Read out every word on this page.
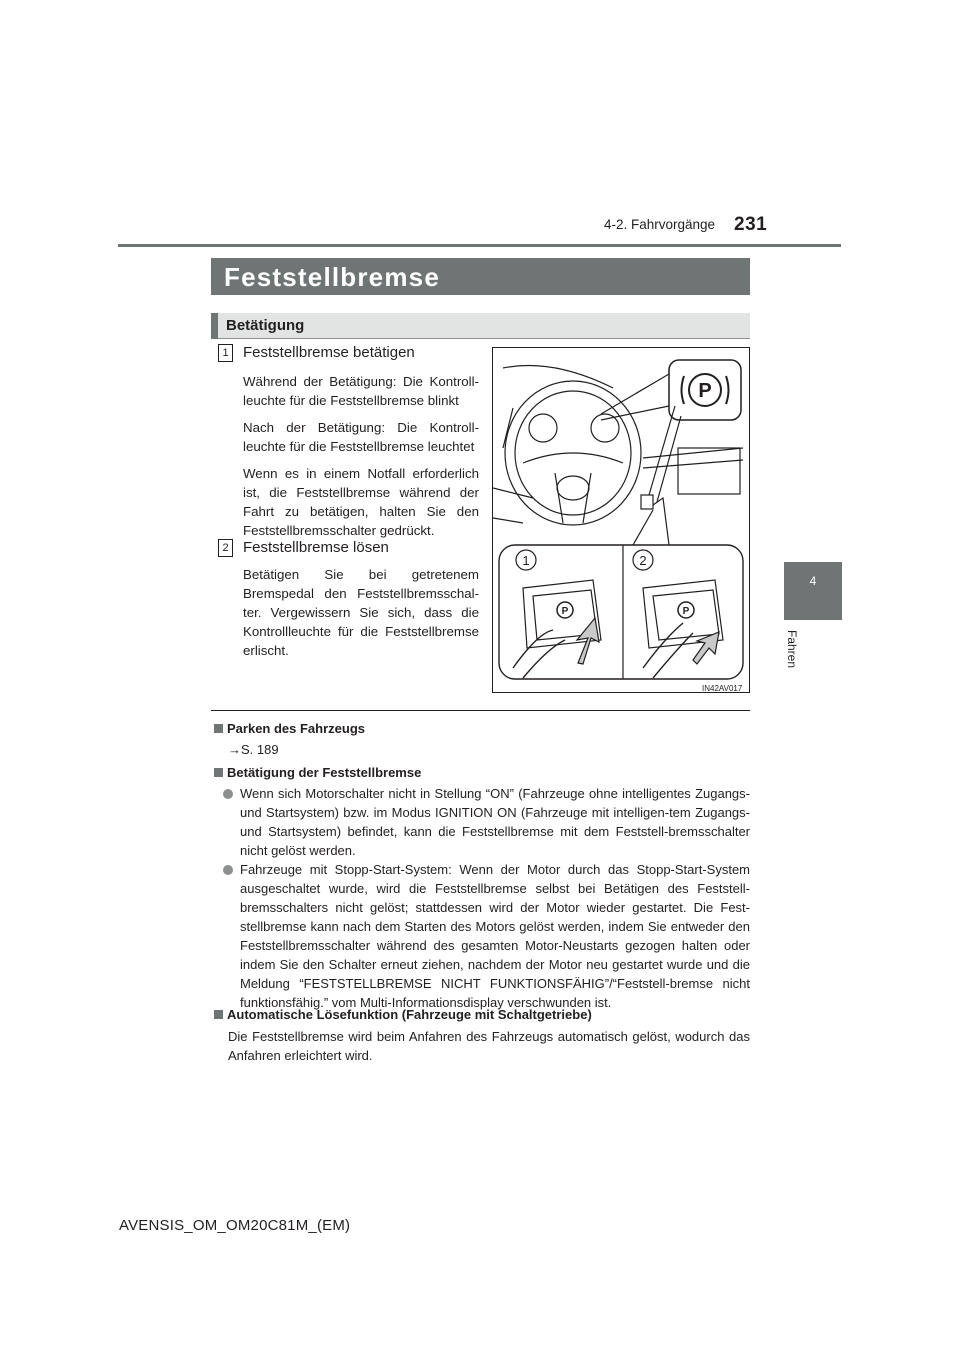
4-2. Fahrvorgänge 231
4
Fahren
Feststellbremse
Betätigung
1 Feststellbremse betätigen

Während der Betätigung: Die Kontroll-leuchte für die Feststellbremse blinkt

Nach der Betätigung: Die Kontroll-leuchte für die Feststellbremse leuchtet

Wenn es in einem Notfall erforderlich ist, die Feststellbremse während der Fahrt zu betätigen, halten Sie den Feststellbremsschalter gedrückt.

2 Feststellbremse lösen

Betätigen Sie bei getretenem Bremspedal den Feststellbremsschal-ter. Vergewissern Sie sich, dass die Kontrollleuchte für die Feststellbremse erlischt.

P
P	P
1	2
IN42AV017
Parken des Fahrzeugs
→S. 189
Betätigung der Feststellbremse
Wenn sich Motorschalter nicht in Stellung “ON” (Fahrzeuge ohne intelligentes Zugangs- und Startsystem) bzw. im Modus IGNITION ON (Fahrzeuge mit intelligen-tem Zugangs- und Startsystem) befindet, kann die Feststellbremse mit dem Feststell-bremsschalter nicht gelöst werden.
Fahrzeuge mit Stopp-Start-System: Wenn der Motor durch das Stopp-Start-System ausgeschaltet wurde, wird die Feststellbremse selbst bei Betätigen des Feststell-bremsschalters nicht gelöst; stattdessen wird der Motor wieder gestartet. Die Fest-stellbremse kann nach dem Starten des Motors gelöst werden, indem Sie entweder den Feststellbremsschalter während des gesamten Motor-Neustarts gezogen halten oder indem Sie den Schalter erneut ziehen, nachdem der Motor neu gestartet wurde und die Meldung “FESTSTELLBREMSE NICHT FUNKTIONSFÄHIG”/“Feststell-bremse nicht funktionsfähig.” vom Multi-Informationsdisplay verschwunden ist.
Automatische Lösefunktion (Fahrzeuge mit Schaltgetriebe)
Die Feststellbremse wird beim Anfahren des Fahrzeugs automatisch gelöst, wodurch das Anfahren erleichtert wird.
AVENSIS_OM_OM20C81M_(EM)
